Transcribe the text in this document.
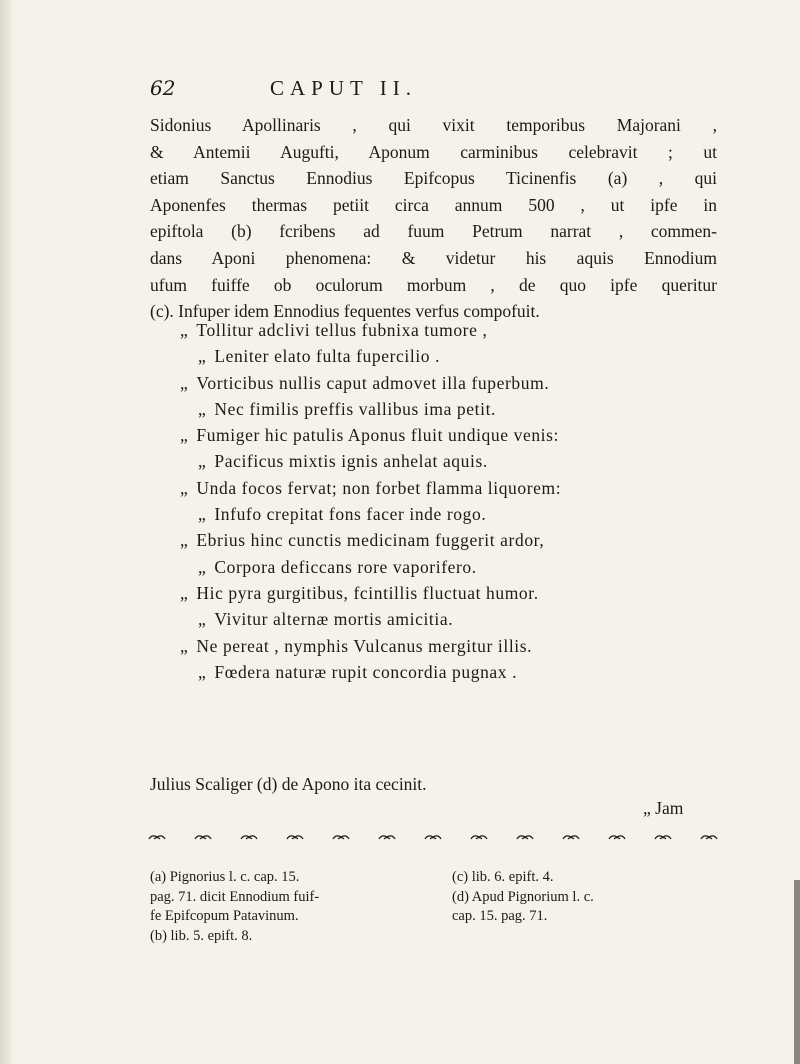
62	CAPUT II.
Sidonius Apollinaris , qui vixit temporibus Majorani ,
& Antemii Augufti, Aponum carminibus celebravit ; ut
etiam Sanctus Ennodius Epifcopus Ticinenfis (a) , qui
Aponenfes thermas petiit circa annum 500 , ut ipfe in
epiftola (b) fcribens ad fuum Petrum narrat , commen-
dans Aponi phenomena: & videtur his aquis Ennodium
ufum fuiffe ob oculorum morbum , de quo ipfe queritur
(c). Infuper idem Ennodius fequentes verfus compofuit.
„ Tollitur adclivi tellus fubnixa tumore ,
„ Leniter elato fulta fupercilio .
„ Vorticibus nullis caput admovet illa fuperbum.
„ Nec fimilis preffis vallibus ima petit.
„ Fumiger hic patulis Aponus fluit undique venis:
„ Pacificus mixtis ignis anhelat aquis.
„ Unda focos fervat; non forbet flamma liquorem:
„ Infufo crepitat fons facer inde rogo.
„ Ebrius hinc cunctis medicinam fuggerit ardor,
„ Corpora deficcans rore vaporifero.
„ Hic pyra gurgitibus, fcintillis fluctuat humor.
„ Vivitur alternæ mortis amicitia.
„ Ne pereat , nymphis Vulcanus mergitur illis.
„ Fœdera naturæ rupit concordia pugnax .
Julius Scaliger (d) de Apono ita cecinit.
„ Jam
(a) Pignorius l. c. cap. 15.
pag. 71. dicit Ennodium fuif-
fe Epifcopum Patavinum.
(b) lib. 5. epift. 8.
(c) lib. 6. epift. 4.
(d) Apud Pignorium l. c.
cap. 15. pag. 71.
